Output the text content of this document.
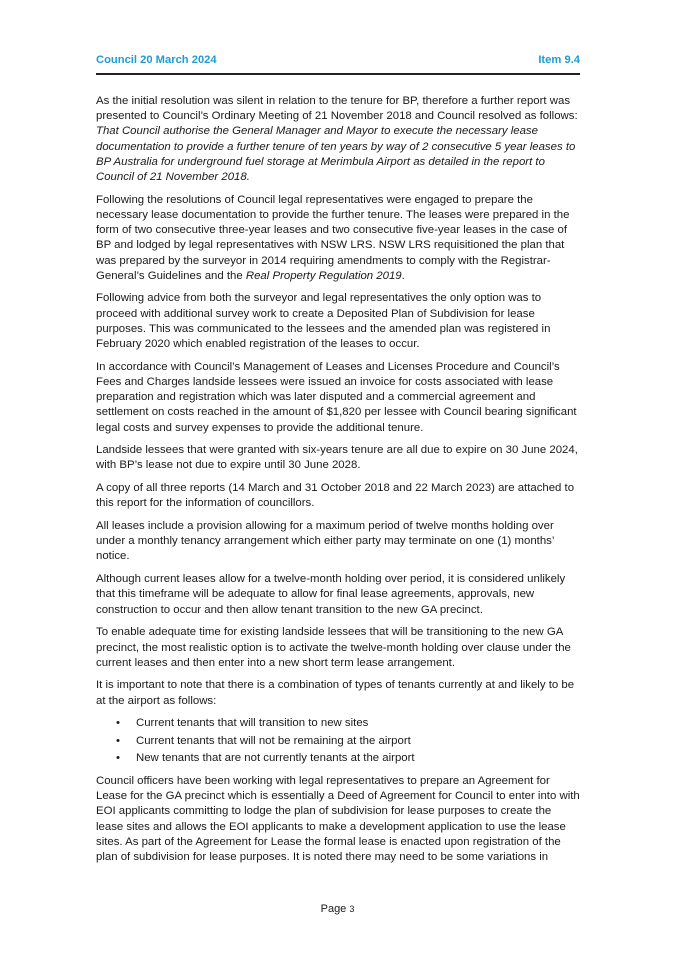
Council 20 March 2024	Item 9.4

As the initial resolution was silent in relation to the tenure for BP, therefore a further report was presented to Council’s Ordinary Meeting of 21 November 2018 and Council resolved as follows:

That Council authorise the General Manager and Mayor to execute the necessary lease documentation to provide a further tenure of ten years by way of 2 consecutive 5 year leases to BP Australia for underground fuel storage at Merimbula Airport as detailed in the report to Council of 21 November 2018.

Following the resolutions of Council legal representatives were engaged to prepare the necessary lease documentation to provide the further tenure. The leases were prepared in the form of two consecutive three-year leases and two consecutive five-year leases in the case of BP and lodged by legal representatives with NSW LRS. NSW LRS requisitioned the plan that was prepared by the surveyor in 2014 requiring amendments to comply with the Registrar-General’s Guidelines and the Real Property Regulation 2019.

Following advice from both the surveyor and legal representatives the only option was to proceed with additional survey work to create a Deposited Plan of Subdivision for lease purposes. This was communicated to the lessees and the amended plan was registered in February 2020 which enabled registration of the leases to occur.

In accordance with Council’s Management of Leases and Licenses Procedure and Council’s Fees and Charges landside lessees were issued an invoice for costs associated with lease preparation and registration which was later disputed and a commercial agreement and settlement on costs reached in the amount of $1,820 per lessee with Council bearing significant legal costs and survey expenses to provide the additional tenure.

Landside lessees that were granted with six-years tenure are all due to expire on 30 June 2024, with BP’s lease not due to expire until 30 June 2028.

A copy of all three reports (14 March and 31 October 2018 and 22 March 2023) are attached to this report for the information of councillors.

All leases include a provision allowing for a maximum period of twelve months holding over under a monthly tenancy arrangement which either party may terminate on one (1) months’ notice.

Although current leases allow for a twelve-month holding over period, it is considered unlikely that this timeframe will be adequate to allow for final lease agreements, approvals, new construction to occur and then allow tenant transition to the new GA precinct.

To enable adequate time for existing landside lessees that will be transitioning to the new GA precinct, the most realistic option is to activate the twelve-month holding over clause under the current leases and then enter into a new short term lease arrangement.

It is important to note that there is a combination of types of tenants currently at and likely to be at the airport as follows:

• Current tenants that will transition to new sites
• Current tenants that will not be remaining at the airport
• New tenants that are not currently tenants at the airport

Council officers have been working with legal representatives to prepare an Agreement for Lease for the GA precinct which is essentially a Deed of Agreement for Council to enter into with EOI applicants committing to lodge the plan of subdivision for lease purposes to create the lease sites and allows the EOI applicants to make a development application to use the lease sites. As part of the Agreement for Lease the formal lease is enacted upon registration of the plan of subdivision for lease purposes. It is noted there may need to be some variations in

Page 3
